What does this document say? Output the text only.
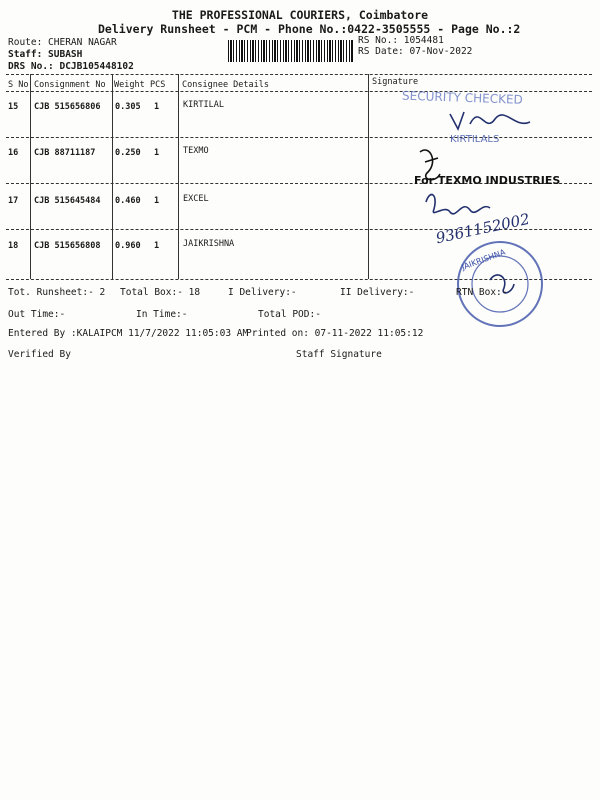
THE PROFESSIONAL COURIERS, Coimbatore
Delivery Runsheet - PCM - Phone No.:0422-3505555 - Page No.:2
Route: CHERAN NAGAR
Staff: SUBASH
DRS No.: DCJB105448102
RS No.: 1054481
RS Date: 07-Nov-2022
S No Consignment No Weight PCS Consignee Details	Signature
15 CJB 515656806 0.305 1	KIRTILAL
16 CJB 88711187 0.250 1	TEXMO
17 CJB 515645484 0.460 1	EXCEL
18 CJB 515656808 0.960 1	JAIKRISHNA
SECURITY CHECKED
KIRTILALS
For TEXMO INDUSTRIES
9361152002
JAIKRISHNA
Tot. Runsheet:- 2 Total Box:- 18	I Delivery:-	II Delivery:-	RTN Box:-
Out Time:-	In Time:-	Total POD:-
Entered By :KALAIPCM 11/7/2022 11:05:03 AM
Printed on: 07-11-2022 11:05:12
Verified By	Staff Signature
